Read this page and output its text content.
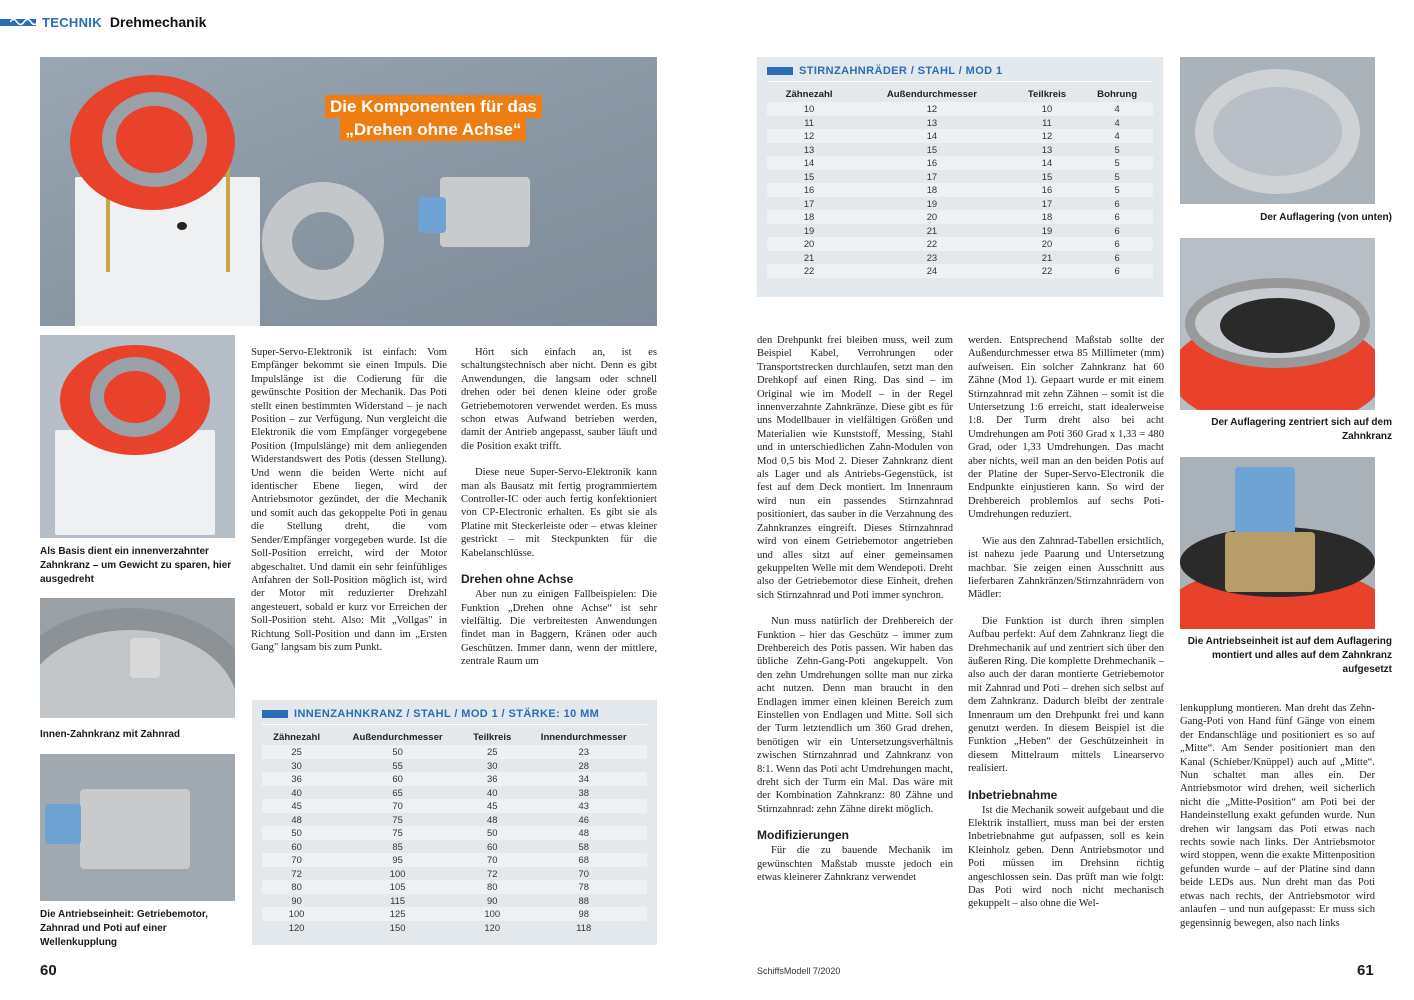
TECHNIK Drehmechanik
Die Komponenten für das
„Drehen ohne Achse“
Als Basis dient ein innenverzahnter Zahnkranz – um Gewicht zu sparen, hier ausgedreht
Innen-Zahnkranz mit Zahnrad
Die Antriebseinheit: Getriebemotor, Zahnrad und Poti auf einer Wellenkupplung

Super-Servo-Elektronik ist einfach: Vom Empfänger bekommt sie einen Impuls. Die Impulslänge ist die Codierung für die gewünschte Position der Mechanik. Das Poti stellt einen bestimmten Widerstand – je nach Position – zur Verfügung. Nun vergleicht die Elektronik die vom Empfänger vorgegebene Position (Impulslänge) mit dem anliegenden Widerstandswert des Potis (dessen Stellung). Und wenn die beiden Werte nicht auf identischer Ebene liegen, wird der Antriebsmotor gezündet, der die Mechanik und somit auch das gekoppelte Poti in genau die Stellung dreht, die vom Sender/Empfänger vorgegeben wurde. Ist die Soll-Position erreicht, wird der Motor abgeschaltet. Und damit ein sehr feinfühliges Anfahren der Soll-Position möglich ist, wird der Motor mit reduzierter Drehzahl angesteuert, sobald er kurz vor Erreichen der Soll-Position steht. Also: Mit „Vollgas" in Richtung Soll-Position und dann im „Ersten Gang" langsam bis zum Punkt.

Hört sich einfach an, ist es schaltungstechnisch aber nicht. Denn es gibt Anwendungen, die langsam oder schnell drehen oder bei denen kleine oder große Getriebemotoren verwendet werden. Es muss schon etwas Aufwand betrieben werden, damit der Antrieb angepasst, sauber läuft und die Position exakt trifft.

Diese neue Super-Servo-Elektronik kann man als Bausatz mit fertig programmiertem Controller-IC oder auch fertig konfektioniert von CP-Electronic erhalten. Es gibt sie als Platine mit Steckerleiste oder – etwas kleiner gestrickt – mit Steckpunkten für die Kabelanschlüsse.

Drehen ohne Achse

Aber nun zu einigen Fallbeispielen: Die Funktion „Drehen ohne Achse“ ist sehr vielfältig. Die verbreitesten Anwendungen findet man in Baggern, Kränen oder auch Geschützen. Immer dann, wenn der mittlere, zentrale Raum um

INNENZAHNKRANZ / STAHL / MOD 1 / STÄRKE: 10 MM
Zähnezahl	Außendurchmesser	Teilkreis	Innendurchmesser
25	50	25	23
30	55	30	28
36	60	36	34
40	65	40	38
45	70	45	43
48	75	48	46
50	75	50	48
60	85	60	58
70	95	70	68
72	100	72	70
80	105	80	78
90	115	90	88
100	125	100	98
120	150	120	118
60
STIRNZAHNRÄDER / STAHL / MOD 1
Zähnezahl	Außendurchmesser	Teilkreis	Bohrung
10	12	10	4
11	13	11	4
12	14	12	4
13	15	13	5
14	16	14	5
15	17	15	5
16	18	16	5
17	19	17	6
18	20	18	6
19	21	19	6
20	22	20	6
21	23	21	6
22	24	22	6

den Drehpunkt frei bleiben muss, weil zum Beispiel Kabel, Verrohrungen oder Transportstrecken durchlaufen, setzt man den Drehkopf auf einen Ring. Das sind – im Original wie im Modell – in der Regel innenverzahnte Zahnkränze. Diese gibt es für uns Modellbauer in vielfältigen Größen und Materialien wie Kunststoff, Messing, Stahl und in unterschiedlichen Zahn-Modulen von Mod 0,5 bis Mod 2. Dieser Zahnkranz dient als Lager und als Antriebs-Gegenstück, ist fest auf dem Deck montiert. Im Innenraum wird nun ein passendes Stirnzahnrad positioniert, das sauber in die Verzahnung des Zahnkranzes eingreift. Dieses Stirnzahnrad wird von einem Getriebemotor angetrieben und alles sitzt auf einer gemeinsamen gekuppelten Welle mit dem Wendepoti. Dreht also der Getriebemotor diese Einheit, drehen sich Stirnzahnrad und Poti immer synchron.

Nun muss natürlich der Drehbereich der Funktion – hier das Geschütz – immer zum Drehbereich des Potis passen. Wir haben das übliche Zehn-Gang-Poti angekuppelt. Von den zehn Umdrehungen sollte man nur zirka acht nutzen. Denn man braucht in den Endlagen immer einen kleinen Bereich zum Einstellen von Endlagen und Mitte. Soll sich der Turm letztendlich um 360 Grad drehen, benötigen wir ein Untersetzungsverhältnis zwischen Stirnzahnrad und Zahnkranz von 8:1. Wenn das Poti acht Umdrehungen macht, dreht sich der Turm ein Mal. Das wäre mit der Kombination Zahnkranz: 80 Zähne und Stirnzahnrad: zehn Zähne direkt möglich.

Modifizierungen

Für die zu bauende Mechanik im gewünschten Maßstab musste jedoch ein etwas kleinerer Zahnkranz verwendet

werden. Entsprechend Maßstab sollte der Außendurchmesser etwa 85 Millimeter (mm) aufweisen. Ein solcher Zahnkranz hat 60 Zähne (Mod 1). Gepaart wurde er mit einem Stirnzahnrad mit zehn Zähnen – somit ist die Untersetzung 1:6 erreicht, statt idealerweise 1:8. Der Turm dreht also bei acht Umdrehungen am Poti 360 Grad x 1,33 = 480 Grad, oder 1,33 Umdrehungen. Das macht aber nichts, weil man an den beiden Potis auf der Platine der Super-Servo-Electronik die Endpunkte einjustieren kann. So wird der Drehbereich problemlos auf sechs Poti-Umdrehungen reduziert.

Wie aus den Zahnrad-Tabellen ersichtlich, ist nahezu jede Paarung und Untersetzung machbar. Sie zeigen einen Ausschnitt aus lieferbaren Zahnkränzen/Stirnzahnrädern von Mädler:

Die Funktion ist durch ihren simplen Aufbau perfekt: Auf dem Zahnkranz liegt die Drehmechanik auf und zentriert sich über den äußeren Ring. Die komplette Drehmechanik – also auch der daran montierte Getriebemotor mit Zahnrad und Poti – drehen sich selbst auf dem Zahnkranz. Dadurch bleibt der zentrale Innenraum um den Drehpunkt frei und kann genutzt werden. In diesem Beispiel ist die Funktion „Heben“ der Geschützeinheit in diesem Mittelraum mittels Linearservo realisiert.

Inbetriebnahme

Ist die Mechanik soweit aufgebaut und die Elektrik installiert, muss man bei der ersten Inbetriebnahme gut aufpassen, soll es kein Kleinholz geben. Denn Antriebsmotor und Poti müssen im Drehsinn richtig angeschlossen sein. Das prüft man wie folgt: Das Poti wird noch nicht mechanisch gekuppelt – also ohne die Wel-

lenkupplung montieren. Man dreht das Zehn-Gang-Poti von Hand fünf Gänge von einem der Endanschläge und positioniert es so auf „Mitte“. Am Sender positioniert man den Kanal (Schieber/Knüppel) auch auf „Mitte“. Nun schaltet man alles ein. Der Antriebsmotor wird drehen, weil sicherlich nicht die „Mitte-Position“ am Poti bei der Handeinstellung exakt gefunden wurde. Nun drehen wir langsam das Poti etwas nach rechts sowie nach links. Der Antriebsmotor wird stoppen, wenn die exakte Mittenposition gefunden wurde – auf der Platine sind dann beide LEDs aus. Nun dreht man das Poti etwas nach rechts, der Antriebsmotor wird anlaufen – und nun aufgepasst: Er muss sich gegensinnig bewegen, also nach links

Der Auflagering (von unten)
Der Auflagering zentriert sich auf dem Zahnkranz
Die Antriebseinheit ist auf dem Auflagering montiert und alles auf dem Zahnkranz aufgesetzt
SchiffsModell 7/2020	61
